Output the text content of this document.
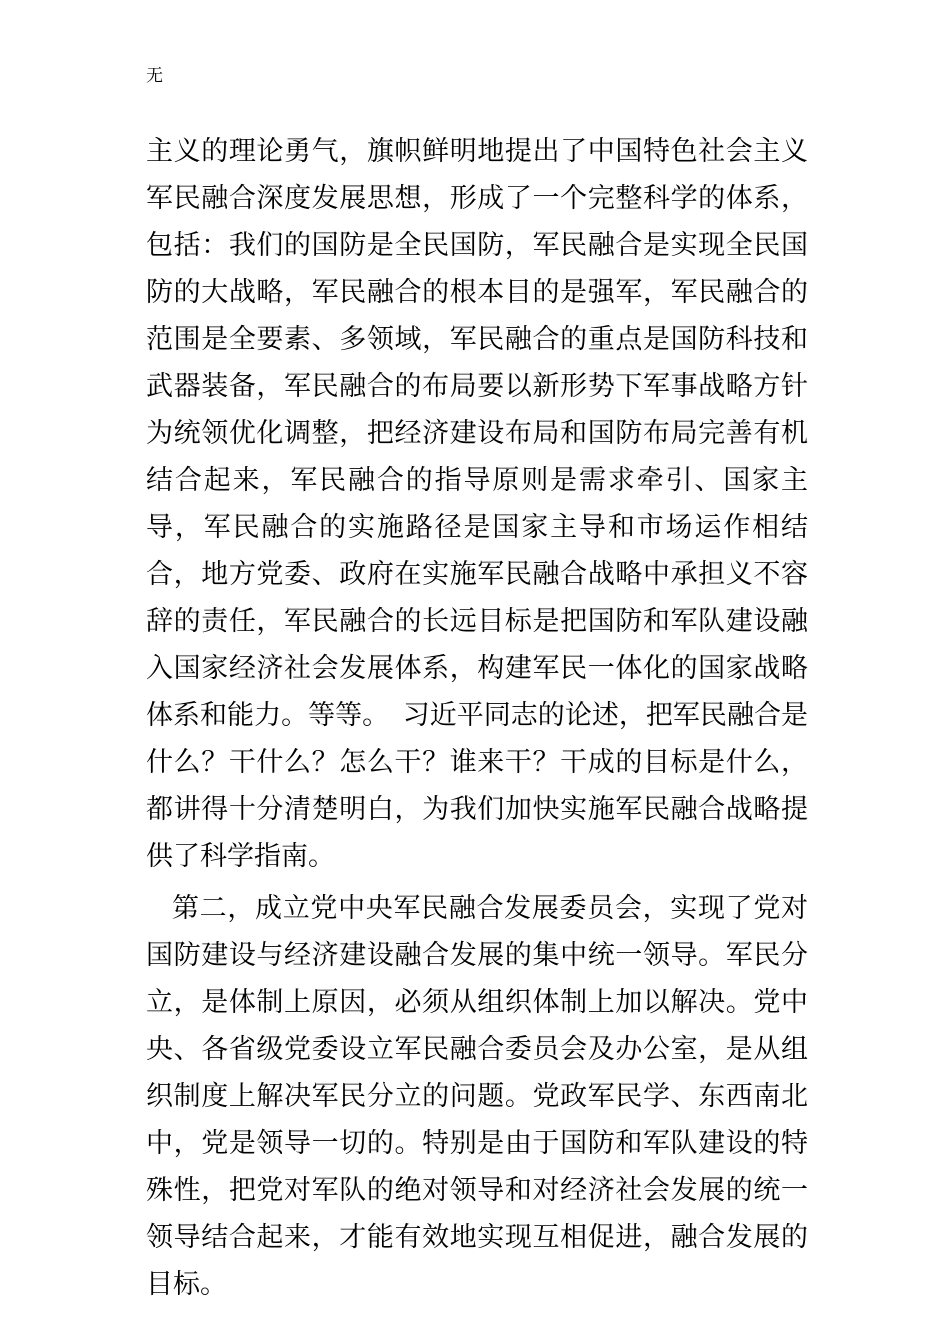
无

主义的理论勇气，旗帜鲜明地提出了中国特色社会主义军民融合深度发展思想，形成了一个完整科学的体系，包括：我们的国防是全民国防，军民融合是实现全民国防的大战略，军民融合的根本目的是强军，军民融合的范围是全要素、多领域，军民融合的重点是国防科技和武器装备，军民融合的布局要以新形势下军事战略方针为统领优化调整，把经济建设布局和国防布局完善有机结合起来，军民融合的指导原则是需求牵引、国家主导，军民融合的实施路径是国家主导和市场运作相结合，地方党委、政府在实施军民融合战略中承担义不容辞的责任，军民融合的长远目标是把国防和军队建设融入国家经济社会发展体系，构建军民一体化的国家战略体系和能力。等等。　习近平同志的论述，把军民融合是什么？干什么？怎么干？谁来干？干成的目标是什么，都讲得十分清楚明白，为我们加快实施军民融合战略提供了科学指南。

第二，成立党中央军民融合发展委员会，实现了党对国防建设与经济建设融合发展的集中统一领导。军民分立，是体制上原因，必须从组织体制上加以解决。党中央、各省级党委设立军民融合委员会及办公室，是从组织制度上解决军民分立的问题。党政军民学、东西南北中，党是领导一切的。特别是由于国防和军队建设的特殊性，把党对军队的绝对领导和对经济社会发展的统一领导结合起来，才能有效地实现互相促进，融合发展的目标。
